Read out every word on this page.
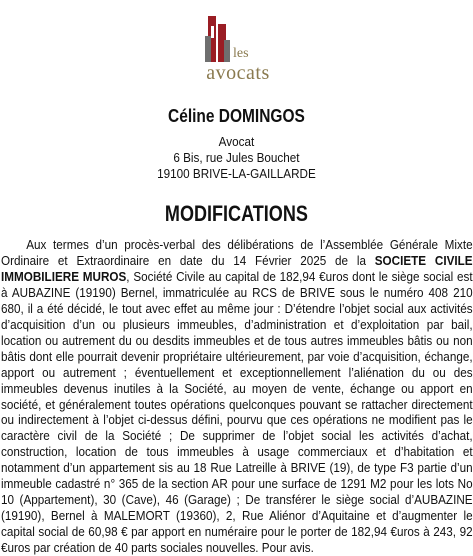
les
avocats
Céline DOMINGOS
Avocat
6 Bis, rue Jules Bouchet
19100 BRIVE-LA-GAILLARDE
MODIFICATIONS

Aux termes d’un procès-verbal des délibérations de l’Assemblée Générale Mixte Ordinaire et Extraordinaire en date du 14 Février 2025 de la SOCIETE CIVILE IMMOBILIERE MUROS, Société Civile au capital de 182,94 €uros dont le siège social est à AUBAZINE (19190) Bernel, immatriculée au RCS de BRIVE sous le numéro 408 210 680, il a été décidé, le tout avec effet au même jour : D’étendre l’objet social aux activités d’acquisition d’un ou plusieurs immeubles, d’administration et d’exploitation par bail, location ou autrement du ou desdits immeubles et de tous autres immeubles bâtis ou non bâtis dont elle pourrait devenir propriétaire ultérieurement, par voie d’acquisition, échange, apport ou autrement ; éventuellement et exceptionnellement l’aliénation du ou des immeubles devenus inutiles à la Société, au moyen de vente, échange ou apport en société, et généralement toutes opérations quelconques pouvant se rattacher directement ou indirectement à l’objet ci-dessus défini, pourvu que ces opérations ne modifient pas le caractère civil de la Société ; De supprimer de l’objet social les activités d’achat, construction, location de tous immeubles à usage commerciaux et d’habitation et notamment d’un appartement sis au 18 Rue Latreille à BRIVE (19), de type F3 partie d’un immeuble cadastré n° 365 de la section AR pour une surface de 1291 M2 pour les lots No 10 (Appartement), 30 (Cave), 46 (Garage) ; De transférer le siège social d’AUBAZINE (19190), Bernel à MALEMORT (19360), 2, Rue Aliénor d’Aquitaine et d’augmenter le capital social de 60,98 € par apport en numéraire pour le porter de 182,94 €uros à 243, 92 €uros par création de 40 parts sociales nouvelles. Pour avis.
